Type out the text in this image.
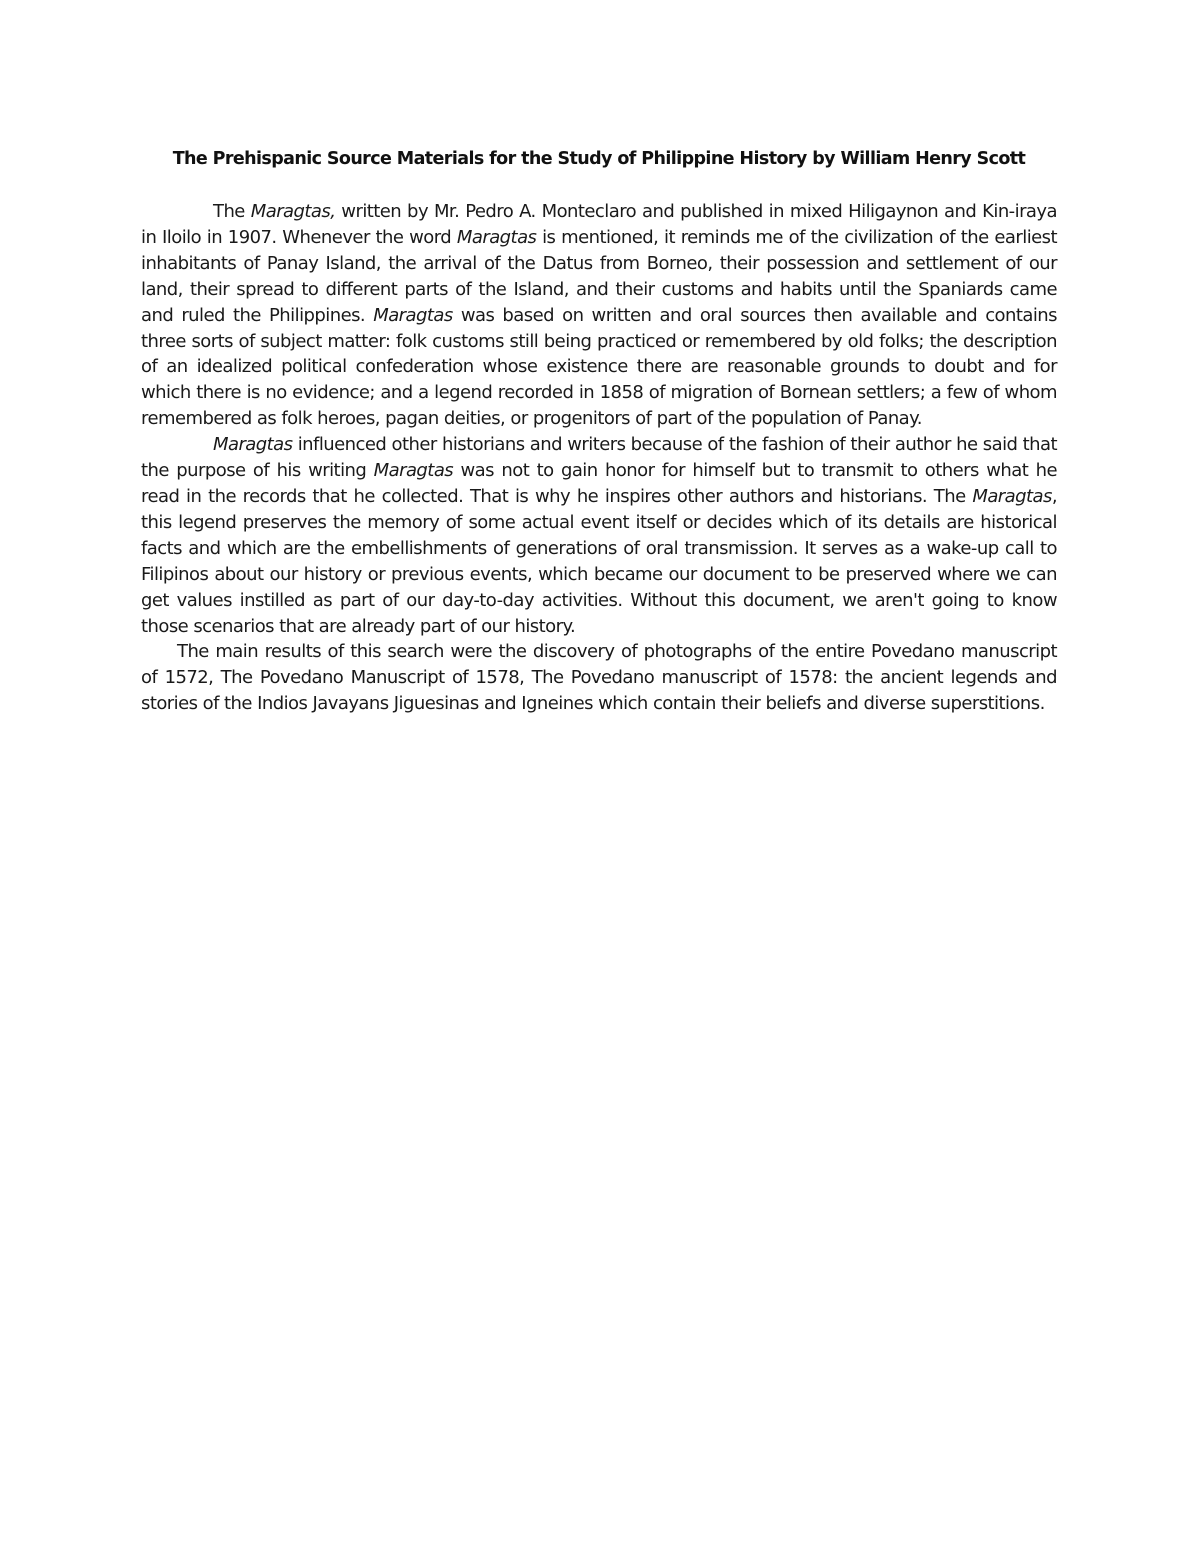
The Prehispanic Source Materials for the Study of Philippine History by William Henry Scott

The Maragtas, written by Mr. Pedro A. Monteclaro and published in mixed Hiligaynon and Kin-iraya in Iloilo in 1907. Whenever the word Maragtas is mentioned, it reminds me of the civilization of the earliest inhabitants of Panay Island, the arrival of the Datus from Borneo, their possession and settlement of our land, their spread to different parts of the Island, and their customs and habits until the Spaniards came and ruled the Philippines. Maragtas was based on written and oral sources then available and contains three sorts of subject matter: folk customs still being practiced or remembered by old folks; the description of an idealized political confederation whose existence there are reasonable grounds to doubt and for which there is no evidence; and a legend recorded in 1858 of migration of Bornean settlers; a few of whom remembered as folk heroes, pagan deities, or progenitors of part of the population of Panay.

Maragtas influenced other historians and writers because of the fashion of their author he said that the purpose of his writing Maragtas was not to gain honor for himself but to transmit to others what he read in the records that he collected. That is why he inspires other authors and historians. The Maragtas, this legend preserves the memory of some actual event itself or decides which of its details are historical facts and which are the embellishments of generations of oral transmission. It serves as a wake-up call to Filipinos about our history or previous events, which became our document to be preserved where we can get values instilled as part of our day-to-day activities. Without this document, we aren't going to know those scenarios that are already part of our history.

The main results of this search were the discovery of photographs of the entire Povedano manuscript of 1572, The Povedano Manuscript of 1578, The Povedano manuscript of 1578: the ancient legends and stories of the Indios Javayans Jiguesinas and Igneines which contain their beliefs and diverse superstitions.
